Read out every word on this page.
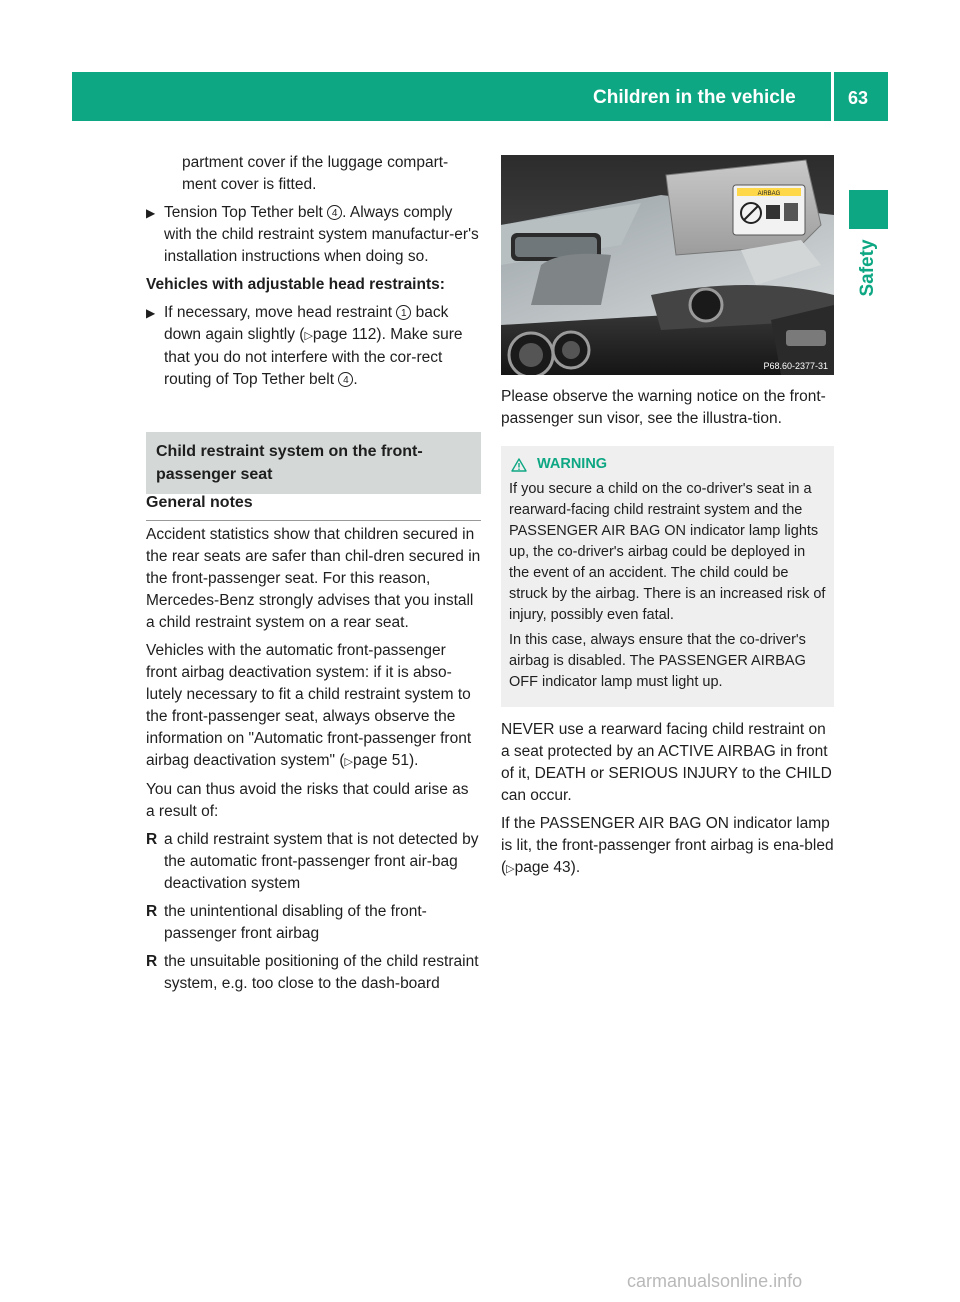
Children in the vehicle	63
Safety

partment cover if the luggage compart-

ment cover is fitted.

▶ Tension Top Tether belt 4 . Always comply with the child restraint system manufactur-er's installation instructions when doing so.

Vehicles with adjustable head restraints:

▶ If necessary, move head restraint 1 back down again slightly (▷page 112). Make sure that you do not interfere with the cor-rect routing of Top Tether belt 4 .
Child restraint system on the front-passenger seat
General notes

Accident statistics show that children secured in the rear seats are safer than chil-dren secured in the front-passenger seat. For this reason, Mercedes-Benz strongly advises that you install a child restraint system on a rear seat.

Vehicles with the automatic front-passenger front airbag deactivation system: if it is abso-lutely necessary to fit a child restraint system to the front-passenger seat, always observe the information on "Automatic front-passenger front airbag deactivation system" (▷page 51).

You can thus avoid the risks that could arise as a result of:

R a child restraint system that is not detected by the automatic front-passenger front air-bag deactivation system
R the unintentional disabling of the front-passenger front airbag
R the unsuitable positioning of the child restraint system, e.g. too close to the dash-board
AIRBAG
P68.60-2377-31

Please observe the warning notice on the front-passenger sun visor, see the illustra-tion.

WARNING

If you secure a child on the co-driver's seat in a rearward-facing child restraint system and the PASSENGER AIR BAG ON indicator lamp lights up, the co-driver's airbag could be deployed in the event of an accident. The child could be struck by the airbag. There is an increased risk of injury, possibly even fatal.

In this case, always ensure that the co-driver's airbag is disabled. The PASSENGER AIRBAG OFF indicator lamp must light up.

NEVER use a rearward facing child restraint on a seat protected by an ACTIVE AIRBAG in front of it, DEATH or SERIOUS INJURY to the CHILD can occur.

If the PASSENGER AIR BAG ON indicator lamp is lit, the front-passenger front airbag is ena-bled (▷page 43).

carmanualsonline.info
